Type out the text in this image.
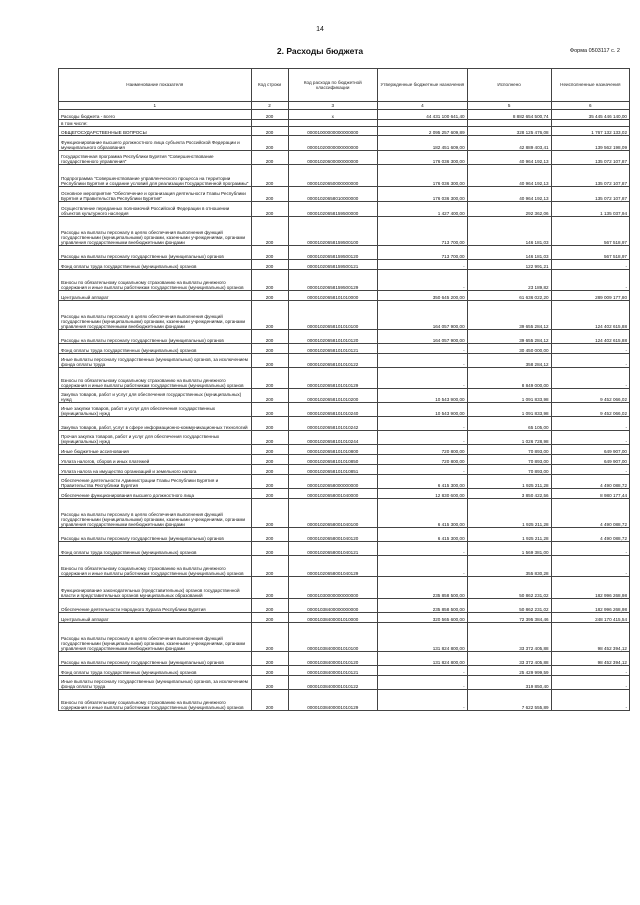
14
2. Расходы бюджета	Форма 0503117 с. 2
Наименование показателя	Код строки	Код расхода по бюджетной классификации	Утвержденные бюджетные назначения	Исполнено	Неисполненные назначения
1	2	3	4	5	6
Расходы бюджета - всего	200	x	44 431 100 641,40	8 882 654 500,74	35 445 446 140,00
в том числе:					
ОБЩЕГОСУДАРСТВЕННЫЕ ВОПРОСЫ	200	00001000000000000000	2 095 257 609,89	328 125 476,08	1 767 132 133,02
Функционирование высшего должностного лица субъекта Российской Федерации и муниципального образования	200	00001020000000000000	182 451 609,00	42 889 403,41	139 562 198,09
Государственная программа Республики Бурятия "Совершенствование государственного управления"	200	00001020600000000000	176 036 300,00	40 964 192,13	135 072 107,87
Подпрограмма "Совершенствование управленческого процесса на территории Республики Бурятия и создание условий для реализации Государственной программы"	200	00001020650000000000	176 036 300,00	40 964 192,13	135 072 107,87
Основное мероприятие "Обеспечение и организация деятельности Главы Республики Бурятия и Правительства Республики Бурятия"	200	00001020658010000000	176 036 300,00	40 964 192,13	135 072 107,87
Осуществление переданных полномочий Российской Федерации в отношении объектов культурного наследия	200	00001020658159500000	1 427 400,00	292 362,06	1 135 037,94
Расходы на выплаты персоналу в целях обеспечения выполнения функций государственными (муниципальными) органами, казенными учреждениями, органами управления государственными внебюджетными фондами	200	00001020658159500100	713 700,00	146 181,03	567 518,97
Расходы на выплаты персоналу государственных (муниципальных) органов	200	00001020658159500120	713 700,00	146 181,03	567 518,97
Фонд оплаты труда государственных (муниципальных) органов	200	00001020658159500121	-	122 991,21	-
Взносы по обязательному социальному страхованию на выплаты денежного содержания и иные выплаты работникам государственных (муниципальных) органов	200	00001020658159500129	-	23 189,82	-
Центральный аппарат	200	00001020658101010000	350 645 200,00	61 636 022,20	289 009 177,80
Расходы на выплаты персоналу в целях обеспечения выполнения функций государственными (муниципальными) органами, казенными учреждениями, органами управления государственными внебюджетными фондами	200	00001020658101010100	164 057 900,00	39 655 284,12	124 402 615,88
Расходы на выплаты персоналу государственных (муниципальных) органов	200	00001020658101010120	164 057 900,00	39 655 284,12	124 402 615,88
Фонд оплаты труда государственных (муниципальных) органов	200	00001020658101010121	-	30 450 000,00	-
Иные выплаты персоналу государственных (муниципальных) органов, за исключением фонда оплаты труда	200	00001020658101010122	-	358 284,12	-
Взносы по обязательному социальному страхованию на выплаты денежного содержания и иные выплаты работникам государственных (муниципальных) органов	200	00001020658101010129	-	8 849 000,00	-
Закупка товаров, работ и услуг для обеспечения государственных (муниципальных) нужд	200	00001020658101010200	10 543 900,00	1 091 833,98	9 452 066,02
Иные закупки товаров, работ и услуг для обеспечения государственных (муниципальных) нужд	200	00001020658101010240	10 543 900,00	1 091 833,98	9 452 066,02
Закупка товаров, работ, услуг в сфере информационно-коммуникационных технологий	200	00001020658101010242	-	65 105,00	-
Прочая закупка товаров, работ и услуг для обеспечения государственных (муниципальных) нужд	200	00001020658101010244	-	1 026 728,98	-
Иные бюджетные ассигнования	200	00001020658101010800	720 800,00	70 893,00	649 907,00
Уплата налогов, сборов и иных платежей	200	00001020658101010850	720 800,00	70 893,00	649 907,00
Уплата налога на имущество организаций и земельного налога	200	00001020658101010851	-	70 893,00	-
Обеспечение деятельности Администрации Главы Республики Бурятия и Правительства Республики Бурятия	200	00001020658000000000	6 415 300,00	1 925 211,28	4 490 088,72
Обеспечение функционирования высшего должностного лица	200	00001020658001040000	12 830 600,00	3 850 422,56	8 980 177,44
Расходы на выплаты персоналу в целях обеспечения выполнения функций государственными (муниципальными) органами, казенными учреждениями, органами управления государственными внебюджетными фондами	200	00001020658001040100	6 415 300,00	1 925 211,28	4 490 088,72
Расходы на выплаты персоналу государственных (муниципальных) органов	200	00001020658001040120	6 415 300,00	1 925 211,28	4 490 088,72
Фонд оплаты труда государственных (муниципальных) органов	200	00001020658001040121	-	1 569 381,00	-
Взносы по обязательному социальному страхованию на выплаты денежного содержания и иные выплаты работникам государственных (муниципальных) органов	200	00001020658001040129	-	355 830,28	-
Функционирование законодательных (представительных) органов государственной власти и представительных органов муниципальных образований	200	00001030000000000000	235 858 500,00	50 862 231,02	182 996 268,98
Обеспечение деятельности Народного Хурала Республики Бурятия	200	00001038400000000000	235 858 500,00	50 862 231,02	182 996 268,98
Центральный аппарат	200	00001038400001010000	320 565 600,00	72 395 384,46	248 170 415,54
Расходы на выплаты персоналу в целях обеспечения выполнения функций государственными (муниципальными) органами, казенными учреждениями, органами управления государственными внебюджетными фондами	200	00001038400001010100	131 824 800,00	33 372 405,88	98 452 394,12
Расходы на выплаты персоналу государственных (муниципальных) органов	200	00001038400001010120	131 824 800,00	33 372 405,88	98 452 394,12
Фонд оплаты труда государственных (муниципальных) органов	200	00001038400001010121	-	25 429 999,59	-
Иные выплаты персоналу государственных (муниципальных) органов, за исключением фонда оплаты труда	200	00001038400001010122	-	319 850,40	-
Взносы по обязательному социальному страхованию на выплаты денежного содержания и иные выплаты работникам государственных (муниципальных) органов	200	00001038400001010129	-	7 622 555,89	-
